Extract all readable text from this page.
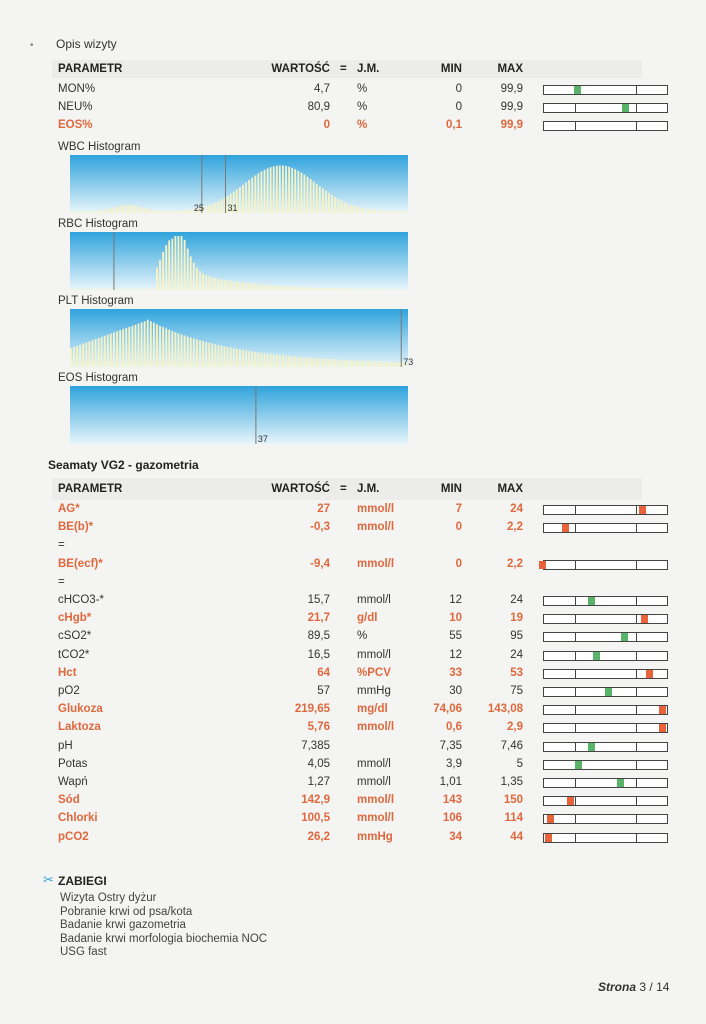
• Opis wizyty
PARAMETR	WARTOŚĆ = J.M.	MIN	MAX
MON%	4,7 %	0	99,9
NEU%	80,9 %	0	99,9
EOS%	0 %	0,1	99,9
WBC Histogram
25	31
RBC Histogram
PLT Histogram
73
EOS Histogram
37
Seamaty VG2 - gazometria
PARAMETR	WARTOŚĆ = J.M.	MIN	MAX
AG*	27 mmol/l	7	24
BE(b)*	-0,3 mmol/l	0	2,2
=
BE(ecf)*	-9,4 mmol/l	0	2,2
=
cHCO3-*	15,7 mmol/l	12	24
cHgb*	21,7 g/dl	10	19
cSO2*	89,5 %	55	95
tCO2*	16,5 mmol/l	12	24
Hct	64 %PCV	33	53
pO2	57 mmHg	30	75
Glukoza	219,65 mg/dl	74,06	143,08
Laktoza	5,76 mmol/l	0,6	2,9
pH	7,385	7,35	7,46
Potas	4,05 mmol/l	3,9	5
Wapń	1,27 mmol/l	1,01	1,35
Sód	142,9 mmol/l	143	150
Chlorki	100,5 mmol/l	106	114
pCO2	26,2 mmHg	34	44
✂ ZABIEGI
Wizyta Ostry dyżur
Pobranie krwi od psa/kota
Badanie krwi gazometria
Badanie krwi morfologia biochemia NOC
USG fast
Strona 3 / 14
